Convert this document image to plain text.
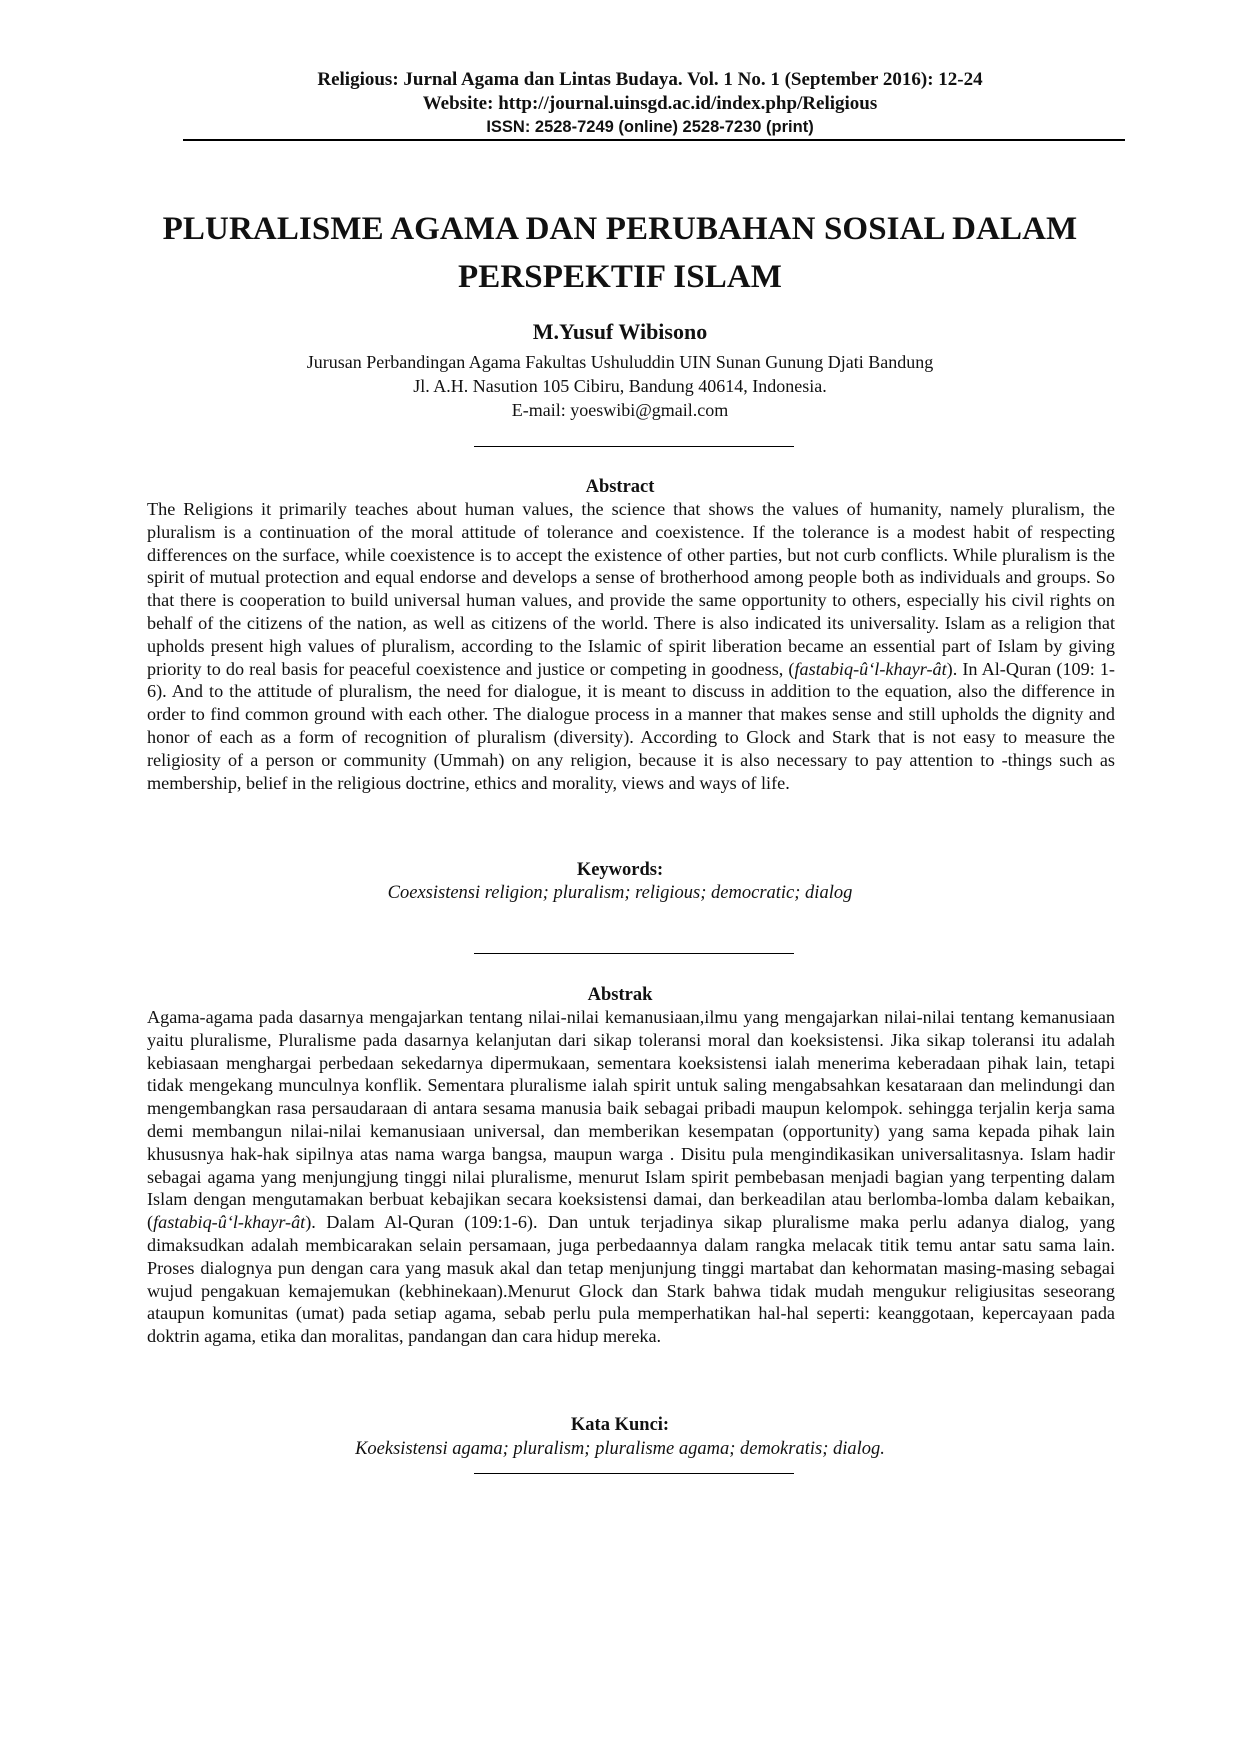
Religious: Jurnal Agama dan Lintas Budaya. Vol. 1 No. 1 (September 2016): 12-24
Website: http://journal.uinsgd.ac.id/index.php/Religious
ISSN: 2528-7249 (online) 2528-7230 (print)
PLURALISME AGAMA DAN PERUBAHAN SOSIAL DALAM
PERSPEKTIF ISLAM
M.Yusuf Wibisono
Jurusan Perbandingan Agama Fakultas Ushuluddin UIN Sunan Gunung Djati Bandung
Jl. A.H. Nasution 105 Cibiru, Bandung 40614, Indonesia.
E-mail: yoeswibi@gmail.com
Abstract

The Religions it primarily teaches about human values, the science that shows the values of humanity, namely pluralism, the pluralism is a continuation of the moral attitude of tolerance and coexistence. If the tolerance is a modest habit of respecting differences on the surface, while coexistence is to accept the existence of other parties, but not curb conflicts. While pluralism is the spirit of mutual protection and equal endorse and develops a sense of brotherhood among people both as individuals and groups. So that there is cooperation to build universal human values, and provide the same opportunity to others, especially his civil rights on behalf of the citizens of the nation, as well as citizens of the world. There is also indicated its universality. Islam as a religion that upholds present high values of pluralism, according to the Islamic of spirit liberation became an essential part of Islam by giving priority to do real basis for peaceful coexistence and justice or competing in goodness, (fastabiq-û‘l-khayr-ât). In Al-Quran (109: 1-6). And to the attitude of pluralism, the need for dialogue, it is meant to discuss in addition to the equation, also the difference in order to find common ground with each other. The dialogue process in a manner that makes sense and still upholds the dignity and honor of each as a form of recognition of pluralism (diversity). According to Glock and Stark that is not easy to measure the religiosity of a person or community (Ummah) on any religion, because it is also necessary to pay attention to -things such as membership, belief in the religious doctrine, ethics and morality, views and ways of life.

Keywords:
Coexsistensi religion; pluralism; religious; democratic; dialog
Abstrak

Agama-agama pada dasarnya mengajarkan tentang nilai-nilai kemanusiaan,ilmu yang mengajarkan nilai-nilai tentang kemanusiaan yaitu pluralisme, Pluralisme pada dasarnya kelanjutan dari sikap toleransi moral dan koeksistensi. Jika sikap toleransi itu adalah kebiasaan menghargai perbedaan sekedarnya dipermukaan, sementara koeksistensi ialah menerima keberadaan pihak lain, tetapi tidak mengekang munculnya konflik. Sementara pluralisme ialah spirit untuk saling mengabsahkan kesataraan dan melindungi dan mengembangkan rasa persaudaraan di antara sesama manusia baik sebagai pribadi maupun kelompok. sehingga terjalin kerja sama demi membangun nilai-nilai kemanusiaan universal, dan memberikan kesempatan (opportunity) yang sama kepada pihak lain khususnya hak-hak sipilnya atas nama warga bangsa, maupun warga . Disitu pula mengindikasikan universalitasnya. Islam hadir sebagai agama yang menjungjung tinggi nilai pluralisme, menurut Islam spirit pembebasan menjadi bagian yang terpenting dalam Islam dengan mengutamakan berbuat kebajikan secara koeksistensi damai, dan berkeadilan atau berlomba-lomba dalam kebaikan, (fastabiq-û‘l-khayr-ât). Dalam Al-Quran (109:1-6). Dan untuk terjadinya sikap pluralisme maka perlu adanya dialog, yang dimaksudkan adalah membicarakan selain persamaan, juga perbedaannya dalam rangka melacak titik temu antar satu sama lain. Proses dialognya pun dengan cara yang masuk akal dan tetap menjunjung tinggi martabat dan kehormatan masing-masing sebagai wujud pengakuan kemajemukan (kebhinekaan).Menurut Glock dan Stark bahwa tidak mudah mengukur religiusitas seseorang ataupun komunitas (umat) pada setiap agama, sebab perlu pula memperhatikan hal-hal seperti: keanggotaan, kepercayaan pada doktrin agama, etika dan moralitas, pandangan dan cara hidup mereka.

Kata Kunci:
Koeksistensi agama; pluralism; pluralisme agama; demokratis; dialog.
